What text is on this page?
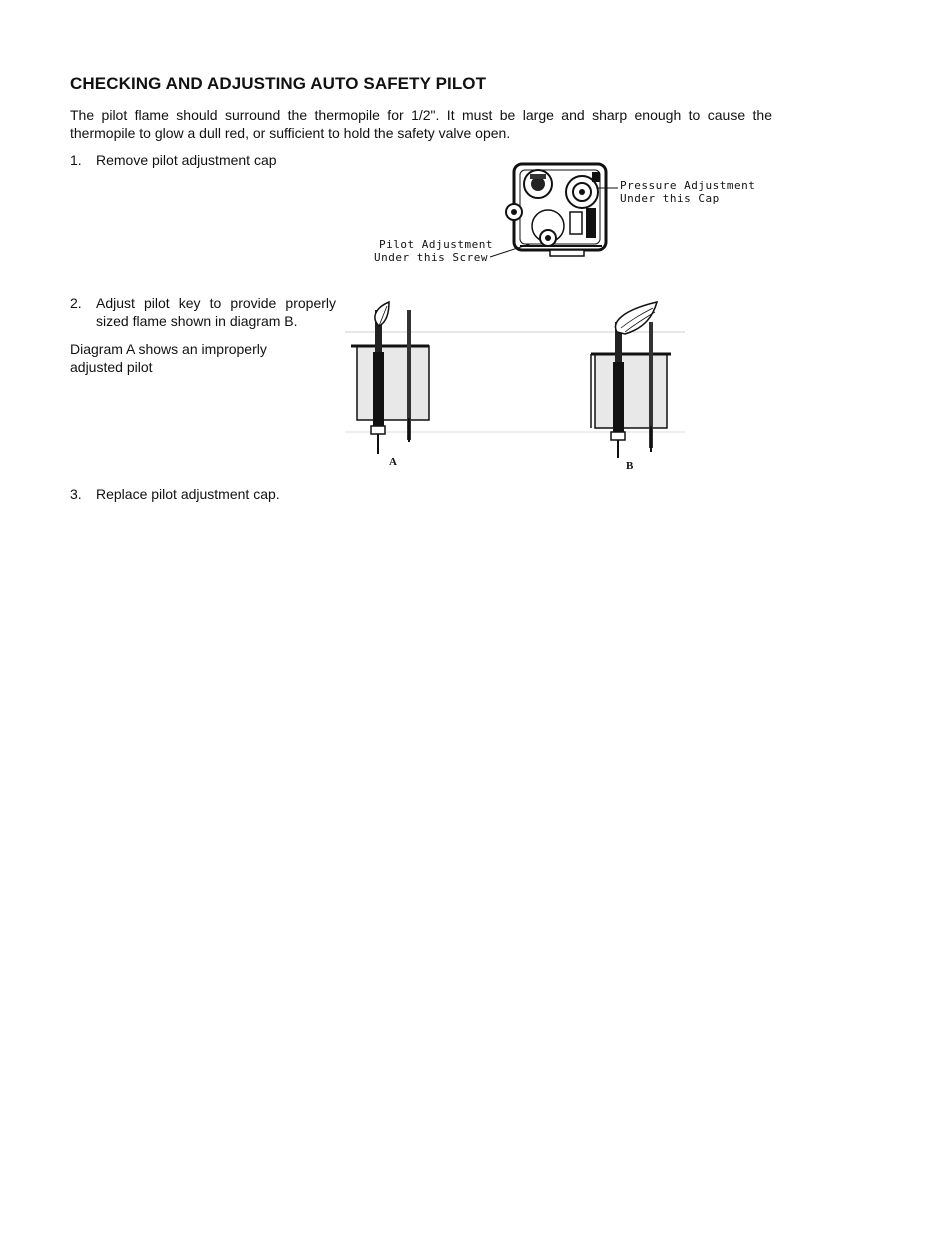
CHECKING AND ADJUSTING AUTO SAFETY PILOT

The pilot flame should surround the thermopile for 1/2". It must be large and sharp enough to cause the thermopile to glow a dull red, or sufficient to hold the safety valve open.

1. Remove pilot adjustment cap
Pressure Adjustment
Under this Cap
Pilot Adjustment
Under this Screw
2. Adjust pilot key to provide properly sized flame shown in diagram B.

Diagram A shows an improperly adjusted pilot

A	B
3. Replace pilot adjustment cap.
